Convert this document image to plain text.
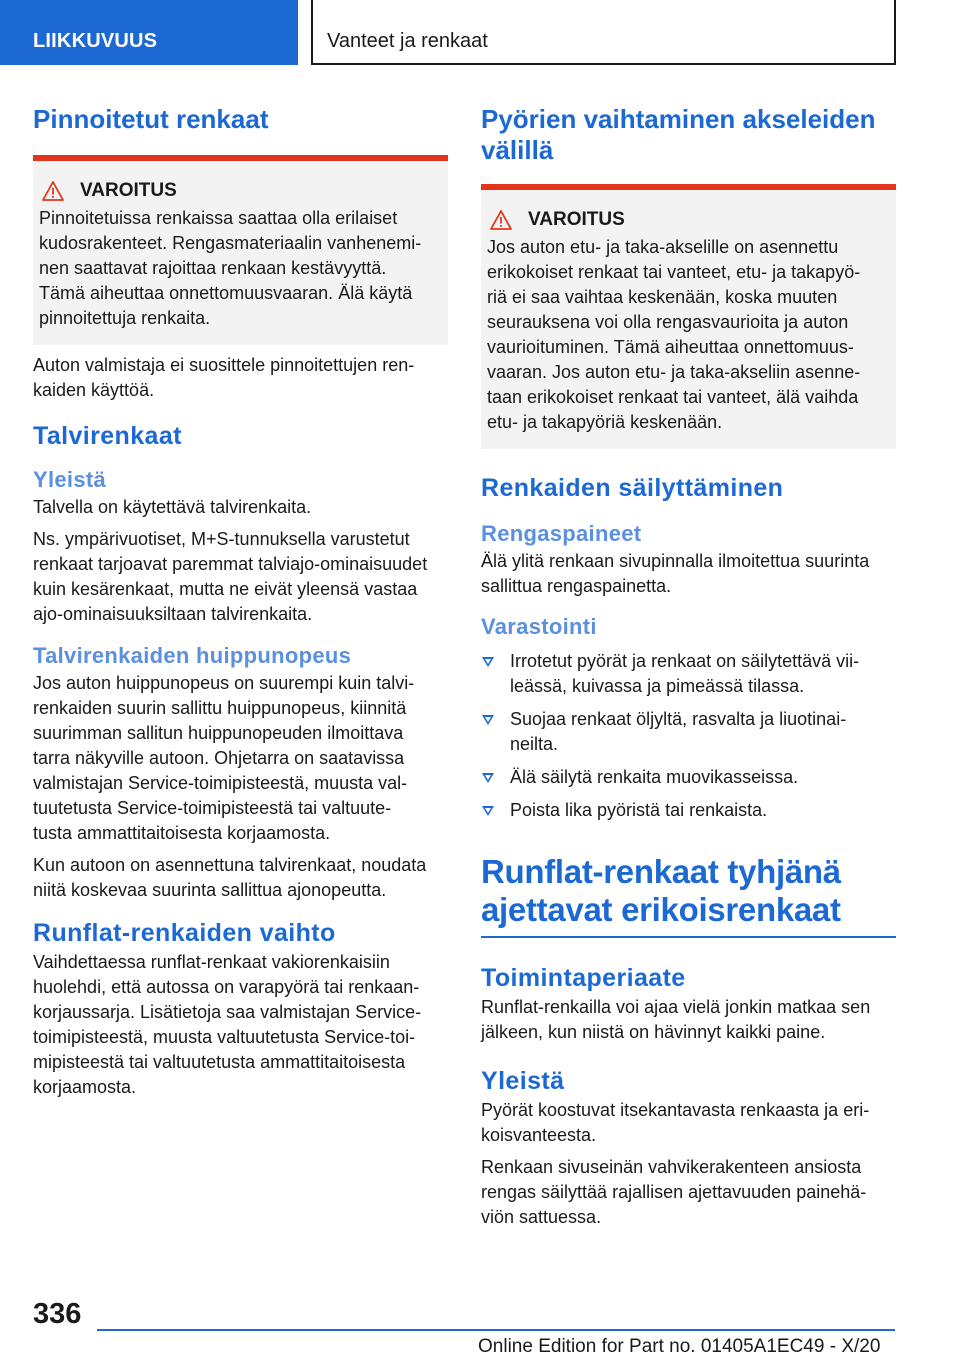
LIIKKUVUUS	Vanteet ja renkaat
Pinnoitetut renkaat
VAROITUS
Pinnoitetuissa renkaissa saattaa olla erilaiset
kudosrakenteet. Rengasmateriaalin vanhenemi-
nen saattavat rajoittaa renkaan kestävyyttä.
Tämä aiheuttaa onnettomuusvaaran. Älä käytä
pinnoitettuja renkaita.
Auton valmistaja ei suosittele pinnoitettujen ren-
kaiden käyttöä.
Talvirenkaat
Yleistä
Talvella on käytettävä talvirenkaita.
Ns. ympärivuotiset, M+S-tunnuksella varustetut
renkaat tarjoavat paremmat talviajo-ominaisuudet
kuin kesärenkaat, mutta ne eivät yleensä vastaa
ajo-ominaisuuksiltaan talvirenkaita.
Talvirenkaiden huippunopeus
Jos auton huippunopeus on suurempi kuin talvi-
renkaiden suurin sallittu huippunopeus, kiinnitä
suurimman sallitun huippunopeuden ilmoittava
tarra näkyville autoon. Ohjetarra on saatavissa
valmistajan Service-toimipisteestä, muusta val-
tuutetusta Service-toimipisteestä tai valtuute-
tusta ammattitaitoisesta korjaamosta.
Kun autoon on asennettuna talvirenkaat, noudata
niitä koskevaa suurinta sallittua ajonopeutta.
Runflat-renkaiden vaihto
Vaihdettaessa runflat-renkaat vakiorenkaisiin
huolehdi, että autossa on varapyörä tai renkaan-
korjaussarja. Lisätietoja saa valmistajan Service-
toimipisteestä, muusta valtuutetusta Service-toi-
mipisteestä tai valtuutetusta ammattitaitoisesta
korjaamosta.
Pyörien vaihtaminen akseleiden
välillä
VAROITUS
Jos auton etu- ja taka-akselille on asennettu
erikokoiset renkaat tai vanteet, etu- ja takapyö-
riä ei saa vaihtaa keskenään, koska muuten
seurauksena voi olla rengasvaurioita ja auton
vaurioituminen. Tämä aiheuttaa onnettomuus-
vaaran. Jos auton etu- ja taka-akseliin asenne-
taan erikokoiset renkaat tai vanteet, älä vaihda
etu- ja takapyöriä keskenään.
Renkaiden säilyttäminen
Rengaspaineet
Älä ylitä renkaan sivupinnalla ilmoitettua suurinta
sallittua rengaspainetta.
Varastointi
Irrotetut pyörät ja renkaat on säilytettävä vii-
leässä, kuivassa ja pimeässä tilassa.
Suojaa renkaat öljyltä, rasvalta ja liuotinai-
neilta.
Älä säilytä renkaita muovikasseissa.
Poista lika pyöristä tai renkaista.
Runflat-renkaat tyhjänä
ajettavat erikoisrenkaat
Toimintaperiaate
Runflat-renkailla voi ajaa vielä jonkin matkaa sen
jälkeen, kun niistä on hävinnyt kaikki paine.
Yleistä
Pyörät koostuvat itsekantavasta renkaasta ja eri-
koisvanteesta.
Renkaan sivuseinän vahvikerakenteen ansiosta
rengas säilyttää rajallisen ajettavuuden painehä-
viön sattuessa.
336
Online Edition for Part no. 01405A1EC49 - X/20
